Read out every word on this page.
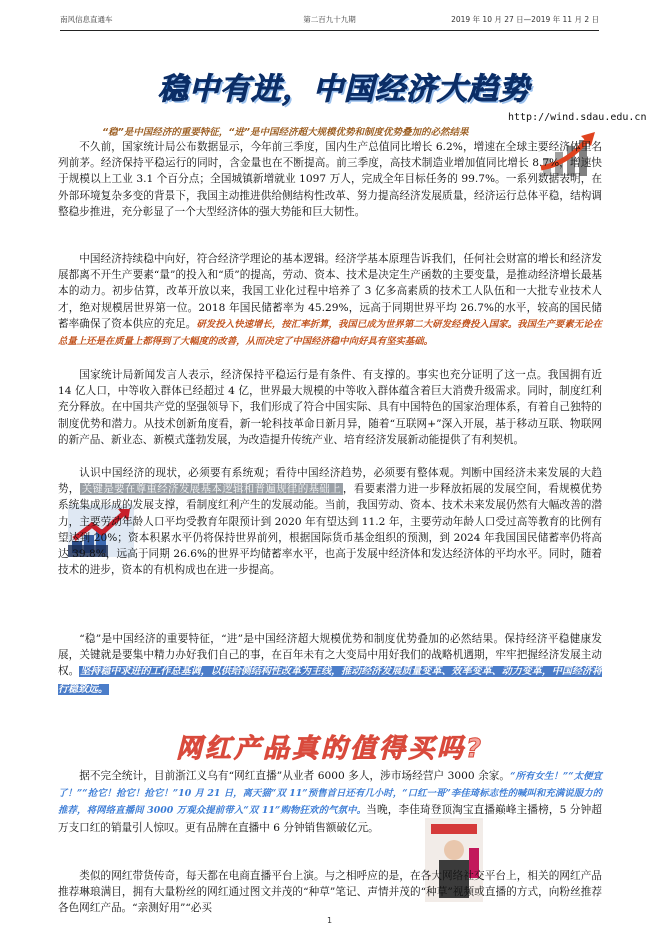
南风信息直通车	第二百九十九期	2019 年 10 月 27 日—2019 年 11 月 2 日
稳中有进，中国经济大趋势
http://wind.sdau.edu.cn
“稳”是中国经济的重要特征，“进”是中国经济超大规模优势和制度优势叠加的必然结果
不久前，国家统计局公布数据显示，今年前三季度，国内生产总值同比增长 6.2%，增速在全球主要经济体里名列前茅。经济保持平稳运行的同时，含金量也在不断提高。前三季度，高技术制造业增加值同比增长 8.7%，增速快于规模以上工业 3.1 个百分点；全国城镇新增就业 1097 万人，完成全年目标任务的 99.7%。一系列数据表明，在外部环境复杂多变的背景下，我国主动推进供给侧结构性改革、努力提高经济发展质量，经济运行总体平稳，结构调整稳步推进，充分彰显了一个大型经济体的强大势能和巨大韧性。
中国经济持续稳中向好，符合经济学理论的基本逻辑。经济学基本原理告诉我们，任何社会财富的增长和经济发展都离不开生产要素“量”的投入和“质”的提高，劳动、资本、技术是决定生产函数的主要变量，是推动经济增长最基本的动力。初步估算，改革开放以来，我国工业化过程中培养了 3 亿多高素质的技术工人队伍和一大批专业技术人才，绝对规模居世界第一位。2018 年国民储蓄率为 45.29%，远高于同期世界平均 26.7%的水平，较高的国民储蓄率确保了资本供应的充足。研发投入快速增长，按汇率折算，我国已成为世界第二大研发经费投入国家。我国生产要素无论在总量上还是在质量上都得到了大幅度的改善，从而决定了中国经济稳中向好具有坚实基础。
国家统计局新闻发言人表示，经济保持平稳运行是有条件、有支撑的。事实也充分证明了这一点。我国拥有近 14 亿人口，中等收入群体已经超过 4 亿，世界最大规模的中等收入群体蕴含着巨大消费升级需求。同时，制度红利充分释放。在中国共产党的坚强领导下，我们形成了符合中国实际、具有中国特色的国家治理体系，有着自己独特的制度优势和潜力。从技术创新角度看，新一轮科技革命日新月异，随着“互联网+”深入开展，基于移动互联、物联网的新产品、新业态、新模式蓬勃发展，为改造提升传统产业、培育经济发展新动能提供了有利契机。
认识中国经济的现状，必须要有系统观；看待中国经济趋势，必须要有整体观。判断中国经济未来发展的大趋势， 关键是要在尊重经济发展基本逻辑和普遍规律的基础上 ，看要素潜力进一步释放拓展的发展空间，看规模优势系统集成形成的发展支撑，看制度红利产生的发展动能。当前，我国劳动、资本、技术未来发展仍然有大幅改善的潜力，主要劳动年龄人口平均受教育年限预计到 2020 年有望达到 11.2 年，主要劳动年龄人口受过高等教育的比例有望达到 20%；资本积累水平仍将保持世界前列，根据国际货币基金组织的预测，到 2024 年我国国民储蓄率仍将高达 39.8%，远高于同期 26.6%的世界平均储蓄率水平，也高于发展中经济体和发达经济体的平均水平。同时，随着技术的进步，资本的有机构成也在进一步提高。
“稳”是中国经济的重要特征，“进”是中国经济超大规模优势和制度优势叠加的必然结果。保持经济平稳健康发展，关键就是要集中精力办好我们自己的事，在百年未有之大变局中用好我们的战略机遇期，牢牢把握经济发展主动权。坚持稳中求进的工作总基调，以供给侧结构性改革为主线，推动经济发展质量变革、效率变革、动力变革，中国经济将行稳致远。
网红产品真的值得买吗?
据不完全统计，目前浙江义乌有“网红直播”从业者 6000 多人，涉市场经营户 3000 余家。“所有女生！”“太便宜了！”“抢它！抢它！抢它！”10 月 21 日，离天猫“双 11”预售首日还有几小时，“口红一哥”李佳琦标志性的喊叫和充满说服力的推荐，将网络直播间 3000 万观众提前带入“双 11”购物狂欢的气氛中。当晚，李佳琦登顶淘宝直播巅峰主播榜，5 分钟超万支口红的销量引人惊叹。更有品牌在直播中 6 分钟销售额破亿元。
类似的网红带货传奇，每天都在电商直播平台上演。与之相呼应的是，在各大网络社交平台上，相关的网红产品推荐琳琅满目，拥有大量粉丝的网红通过图文并茂的“种草”笔记、声情并茂的“种草”视频或直播的方式，向粉丝推荐各色网红产品。“亲测好用”“必买
1
